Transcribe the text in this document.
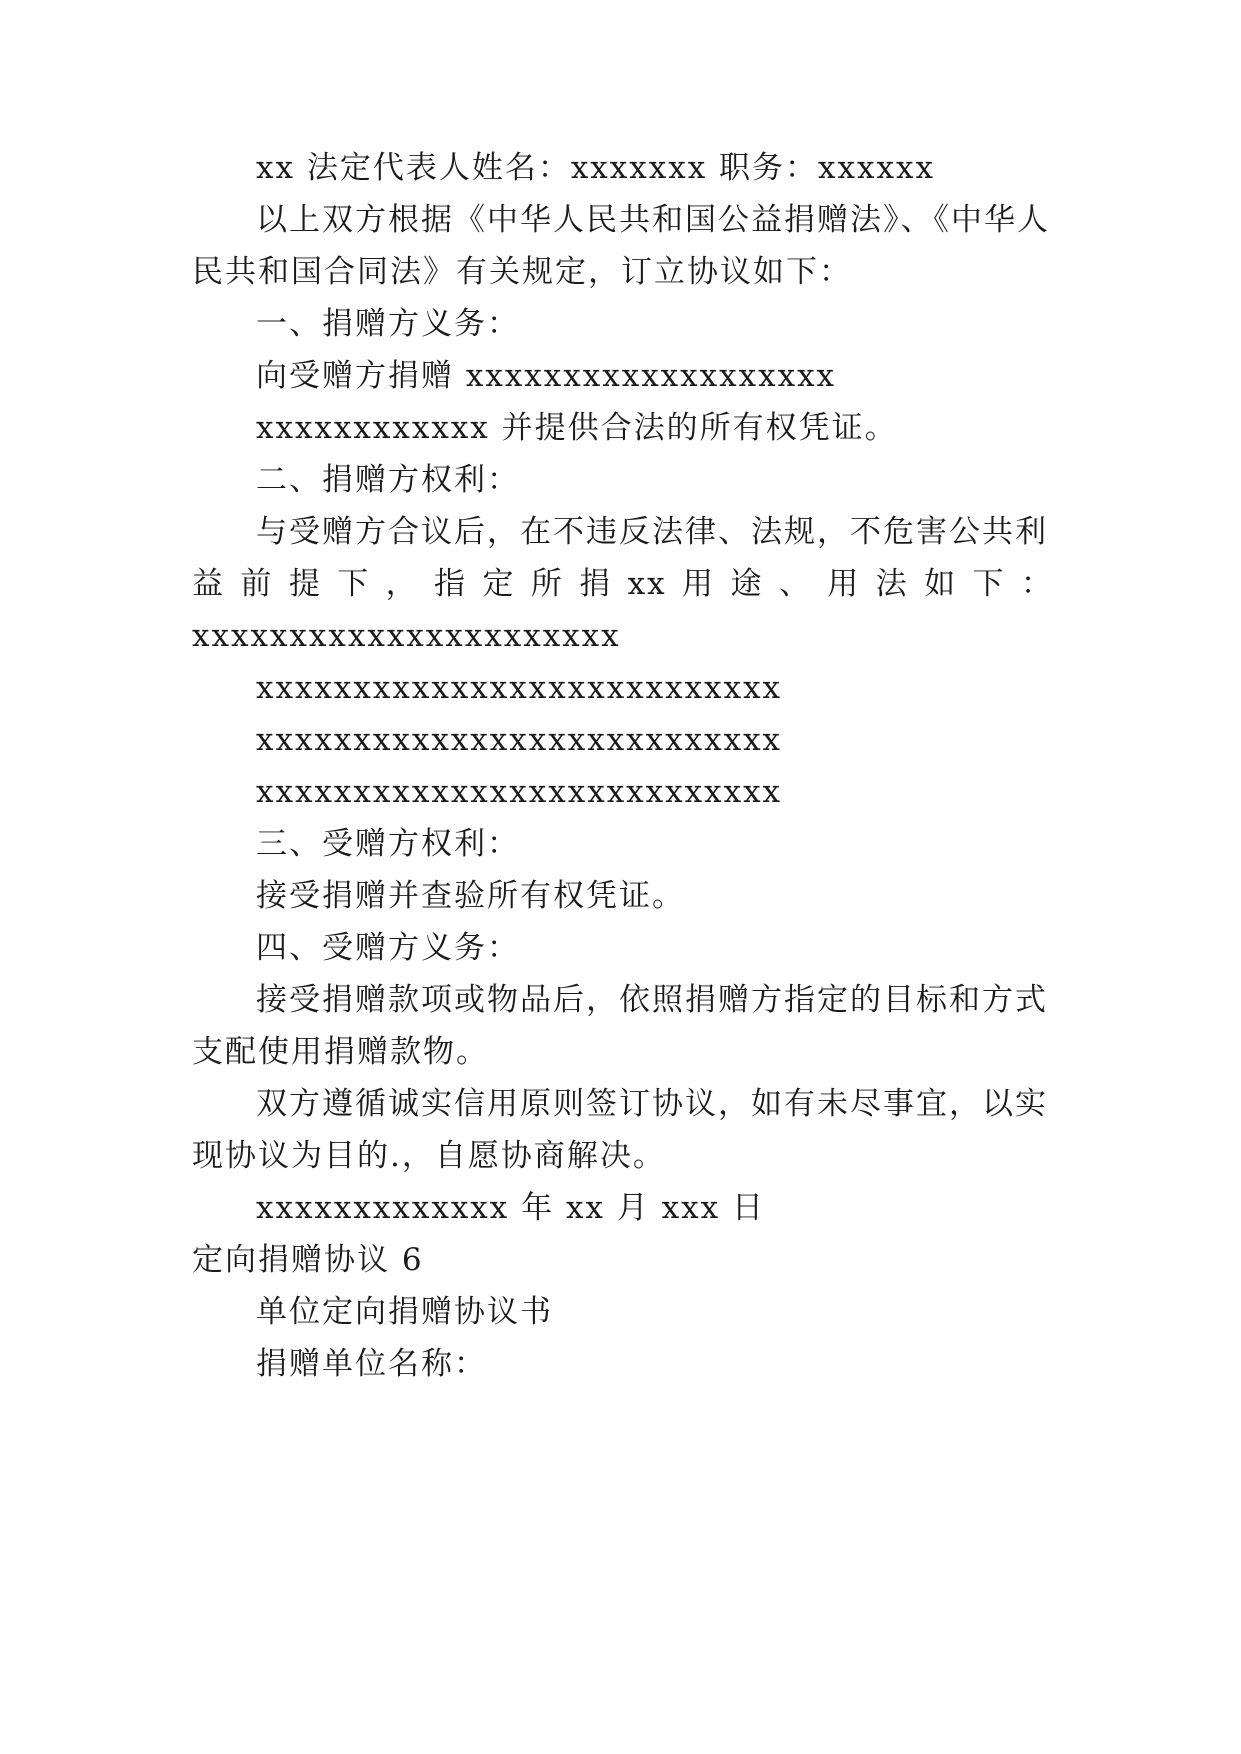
xx 法定代表人姓名：xxxxxxx 职务：xxxxxx
以上双方根据《中华人民共和国公益捐赠法》、《中华人
民共和国合同法》有关规定，订立协议如下：
一、捐赠方义务：
向受赠方捐赠 xxxxxxxxxxxxxxxxxxx
xxxxxxxxxxxx 并提供合法的所有权凭证。
二、捐赠方权利：
与受赠方合议后，在不违反法律、法规，不危害公共利
益 前 提 下 ， 指 定 所 捐 xx 用 途 、 用 法 如 下 ：
xxxxxxxxxxxxxxxxxxxxxx
xxxxxxxxxxxxxxxxxxxxxxxxxxx
xxxxxxxxxxxxxxxxxxxxxxxxxxx
xxxxxxxxxxxxxxxxxxxxxxxxxxx
三、受赠方权利：
接受捐赠并查验所有权凭证。
四、受赠方义务：
接受捐赠款项或物品后，依照捐赠方指定的目标和方式
支配使用捐赠款物。
双方遵循诚实信用原则签订协议，如有未尽事宜，以实
现协议为目的.，自愿协商解决。
xxxxxxxxxxxxx 年 xx 月 xxx 日
定向捐赠协议 6
单位定向捐赠协议书
捐赠单位名称：
